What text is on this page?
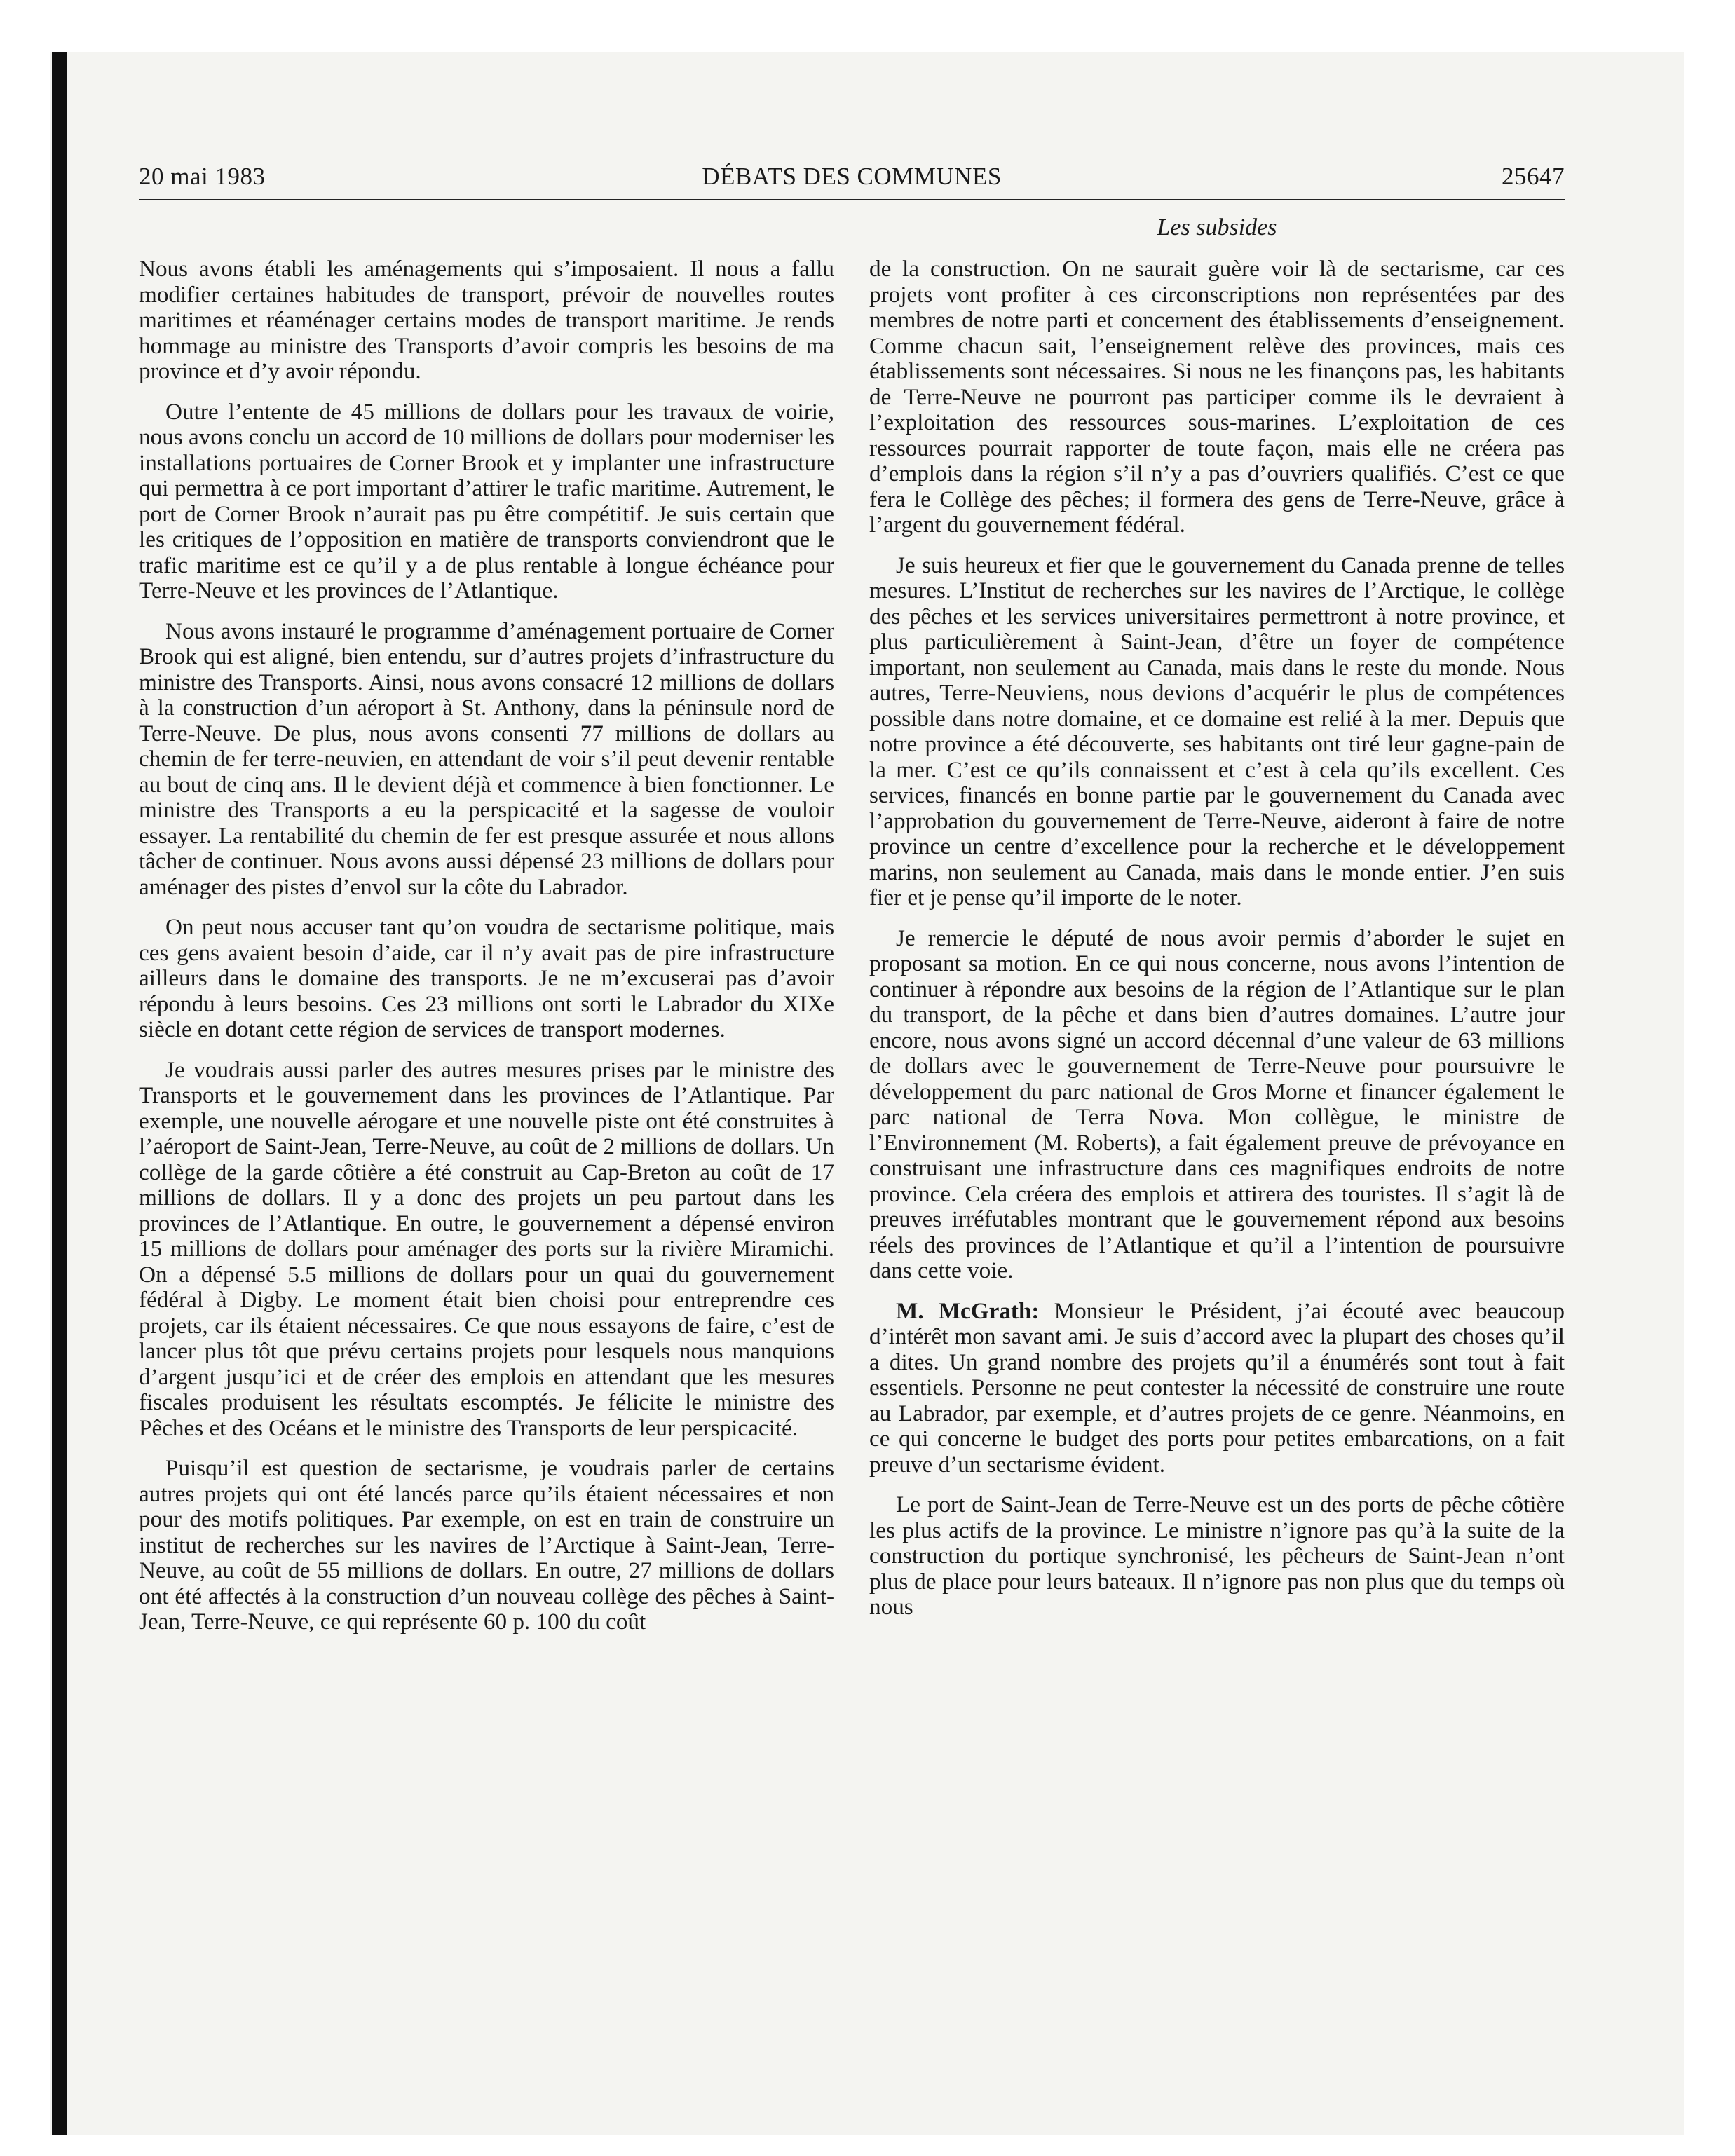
20 mai 1983	DÉBATS DES COMMUNES	25647
Les subsides

Nous avons établi les aménagements qui s’imposaient. Il nous a fallu modifier certaines habitudes de transport, prévoir de nouvelles routes maritimes et réaménager certains modes de transport maritime. Je rends hommage au ministre des Transports d’avoir compris les besoins de ma province et d’y avoir répondu.

Outre l’entente de 45 millions de dollars pour les travaux de voirie, nous avons conclu un accord de 10 millions de dollars pour moderniser les installations portuaires de Corner Brook et y implanter une infrastructure qui permettra à ce port important d’attirer le trafic maritime. Autrement, le port de Corner Brook n’aurait pas pu être compétitif. Je suis certain que les critiques de l’opposition en matière de transports conviendront que le trafic maritime est ce qu’il y a de plus rentable à longue échéance pour Terre-Neuve et les provinces de l’Atlantique.

Nous avons instauré le programme d’aménagement portuaire de Corner Brook qui est aligné, bien entendu, sur d’autres projets d’infrastructure du ministre des Transports. Ainsi, nous avons consacré 12 millions de dollars à la construction d’un aéroport à St. Anthony, dans la péninsule nord de Terre-Neuve. De plus, nous avons consenti 77 millions de dollars au chemin de fer terre-neuvien, en attendant de voir s’il peut devenir rentable au bout de cinq ans. Il le devient déjà et commence à bien fonctionner. Le ministre des Transports a eu la perspicacité et la sagesse de vouloir essayer. La rentabilité du chemin de fer est presque assurée et nous allons tâcher de continuer. Nous avons aussi dépensé 23 millions de dollars pour aménager des pistes d’envol sur la côte du Labrador.

On peut nous accuser tant qu’on voudra de sectarisme politique, mais ces gens avaient besoin d’aide, car il n’y avait pas de pire infrastructure ailleurs dans le domaine des transports. Je ne m’excuserai pas d’avoir répondu à leurs besoins. Ces 23 millions ont sorti le Labrador du XIXe siècle en dotant cette région de services de transport modernes.

Je voudrais aussi parler des autres mesures prises par le ministre des Transports et le gouvernement dans les provinces de l’Atlantique. Par exemple, une nouvelle aérogare et une nouvelle piste ont été construites à l’aéroport de Saint-Jean, Terre-Neuve, au coût de 2 millions de dollars. Un collège de la garde côtière a été construit au Cap-Breton au coût de 17 millions de dollars. Il y a donc des projets un peu partout dans les provinces de l’Atlantique. En outre, le gouvernement a dépensé environ 15 millions de dollars pour aménager des ports sur la rivière Miramichi. On a dépensé 5.5 millions de dollars pour un quai du gouvernement fédéral à Digby. Le moment était bien choisi pour entreprendre ces projets, car ils étaient nécessaires. Ce que nous essayons de faire, c’est de lancer plus tôt que prévu certains projets pour lesquels nous manquions d’argent jusqu’ici et de créer des emplois en attendant que les mesures fiscales produisent les résultats escomptés. Je félicite le ministre des Pêches et des Océans et le ministre des Transports de leur perspicacité.

Puisqu’il est question de sectarisme, je voudrais parler de certains autres projets qui ont été lancés parce qu’ils étaient nécessaires et non pour des motifs politiques. Par exemple, on est en train de construire un institut de recherches sur les navires de l’Arctique à Saint-Jean, Terre-Neuve, au coût de 55 millions de dollars. En outre, 27 millions de dollars ont été affectés à la construction d’un nouveau collège des pêches à Saint-Jean, Terre-Neuve, ce qui représente 60 p. 100 du coût

de la construction. On ne saurait guère voir là de sectarisme, car ces projets vont profiter à ces circonscriptions non représentées par des membres de notre parti et concernent des établissements d’enseignement. Comme chacun sait, l’enseignement relève des provinces, mais ces établissements sont nécessaires. Si nous ne les finançons pas, les habitants de Terre-Neuve ne pourront pas participer comme ils le devraient à l’exploitation des ressources sous-marines. L’exploitation de ces ressources pourrait rapporter de toute façon, mais elle ne créera pas d’emplois dans la région s’il n’y a pas d’ouvriers qualifiés. C’est ce que fera le Collège des pêches; il formera des gens de Terre-Neuve, grâce à l’argent du gouvernement fédéral.

Je suis heureux et fier que le gouvernement du Canada prenne de telles mesures. L’Institut de recherches sur les navires de l’Arctique, le collège des pêches et les services universitaires permettront à notre province, et plus particulièrement à Saint-Jean, d’être un foyer de compétence important, non seulement au Canada, mais dans le reste du monde. Nous autres, Terre-Neuviens, nous devions d’acquérir le plus de compétences possible dans notre domaine, et ce domaine est relié à la mer. Depuis que notre province a été découverte, ses habitants ont tiré leur gagne-pain de la mer. C’est ce qu’ils connaissent et c’est à cela qu’ils excellent. Ces services, financés en bonne partie par le gouvernement du Canada avec l’approbation du gouvernement de Terre-Neuve, aideront à faire de notre province un centre d’excellence pour la recherche et le développement marins, non seulement au Canada, mais dans le monde entier. J’en suis fier et je pense qu’il importe de le noter.

Je remercie le député de nous avoir permis d’aborder le sujet en proposant sa motion. En ce qui nous concerne, nous avons l’intention de continuer à répondre aux besoins de la région de l’Atlantique sur le plan du transport, de la pêche et dans bien d’autres domaines. L’autre jour encore, nous avons signé un accord décennal d’une valeur de 63 millions de dollars avec le gouvernement de Terre-Neuve pour poursuivre le développement du parc national de Gros Morne et financer également le parc national de Terra Nova. Mon collègue, le ministre de l’Environnement (M. Roberts), a fait également preuve de prévoyance en construisant une infrastructure dans ces magnifiques endroits de notre province. Cela créera des emplois et attirera des touristes. Il s’agit là de preuves irréfutables montrant que le gouvernement répond aux besoins réels des provinces de l’Atlantique et qu’il a l’intention de poursuivre dans cette voie.

M. McGrath: Monsieur le Président, j’ai écouté avec beaucoup d’intérêt mon savant ami. Je suis d’accord avec la plupart des choses qu’il a dites. Un grand nombre des projets qu’il a énumérés sont tout à fait essentiels. Personne ne peut contester la nécessité de construire une route au Labrador, par exemple, et d’autres projets de ce genre. Néanmoins, en ce qui concerne le budget des ports pour petites embarcations, on a fait preuve d’un sectarisme évident.

Le port de Saint-Jean de Terre-Neuve est un des ports de pêche côtière les plus actifs de la province. Le ministre n’ignore pas qu’à la suite de la construction du portique synchronisé, les pêcheurs de Saint-Jean n’ont plus de place pour leurs bateaux. Il n’ignore pas non plus que du temps où nous
